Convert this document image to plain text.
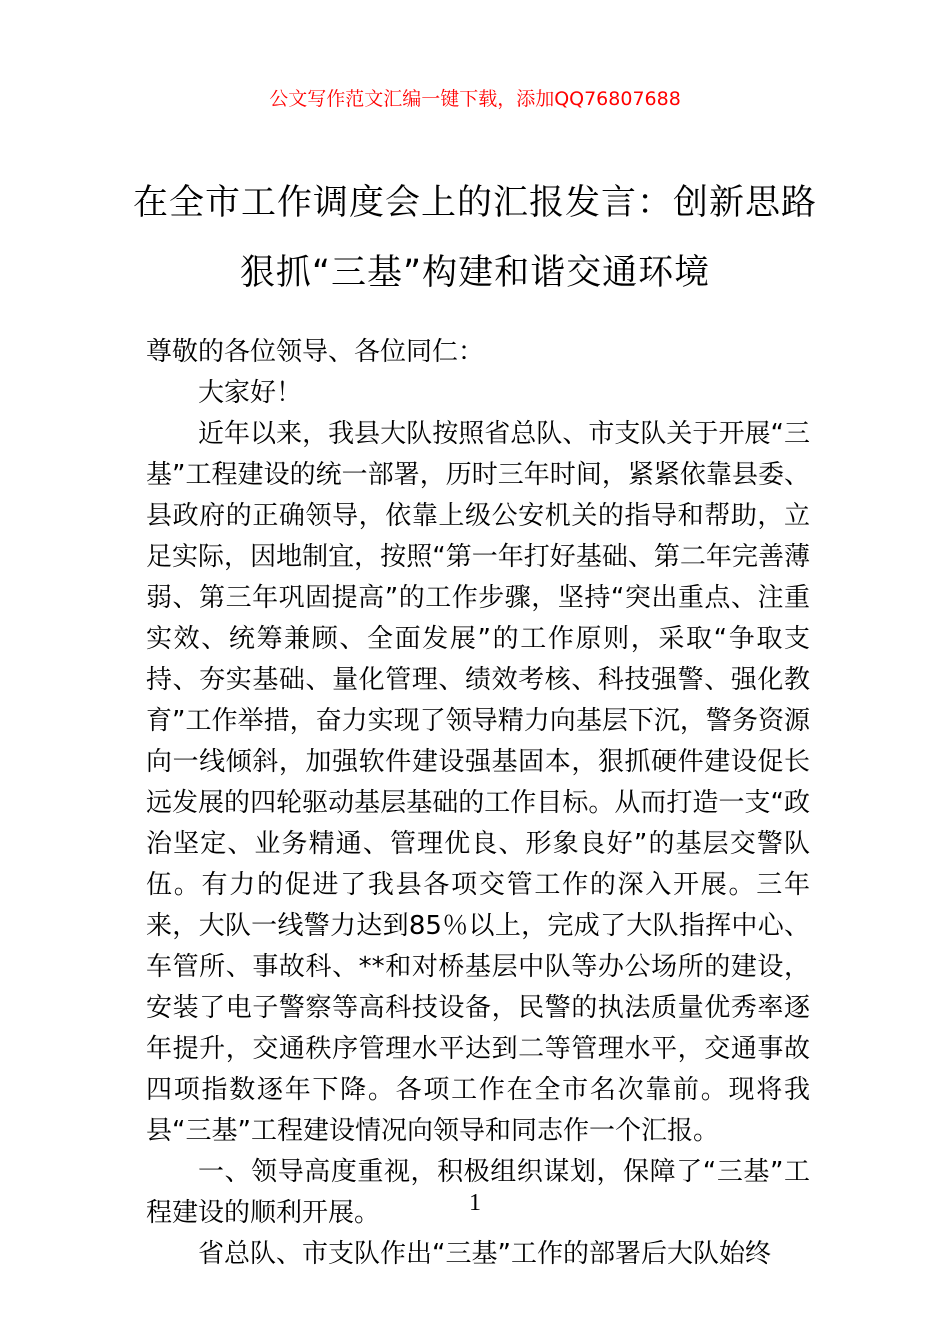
公文写作范文汇编一键下载，添加QQ76807688
在全市工作调度会上的汇报发言：创新思路狠抓“三基”构建和谐交通环境

尊敬的各位领导、各位同仁：

大家好！

近年以来，我县大队按照省总队、市支队关于开展“三基”工程建设的统一部署，历时三年时间，紧紧依靠县委、县政府的正确领导，依靠上级公安机关的指导和帮助，立足实际，因地制宜，按照“第一年打好基础、第二年完善薄弱、第三年巩固提高”的工作步骤，坚持“突出重点、注重实效、统筹兼顾、全面发展”的工作原则，采取“争取支持、夯实基础、量化管理、绩效考核、科技强警、强化教育”工作举措，奋力实现了领导精力向基层下沉，警务资源向一线倾斜，加强软件建设强基固本，狠抓硬件建设促长远发展的四轮驱动基层基础的工作目标。从而打造一支“政治坚定、业务精通、管理优良、形象良好”的基层交警队伍。有力的促进了我县各项交管工作的深入开展。三年来，大队一线警力达到85％以上，完成了大队指挥中心、车管所、事故科、**和对桥基层中队等办公场所的建设，安装了电子警察等高科技设备，民警的执法质量优秀率逐年提升，交通秩序管理水平达到二等管理水平，交通事故四项指数逐年下降。各项工作在全市名次靠前。现将我县“三基”工程建设情况向领导和同志作一个汇报。

一、领导高度重视，积极组织谋划，保障了“三基”工程建设的顺利开展。

省总队、市支队作出“三基”工作的部署后大队始终

1
